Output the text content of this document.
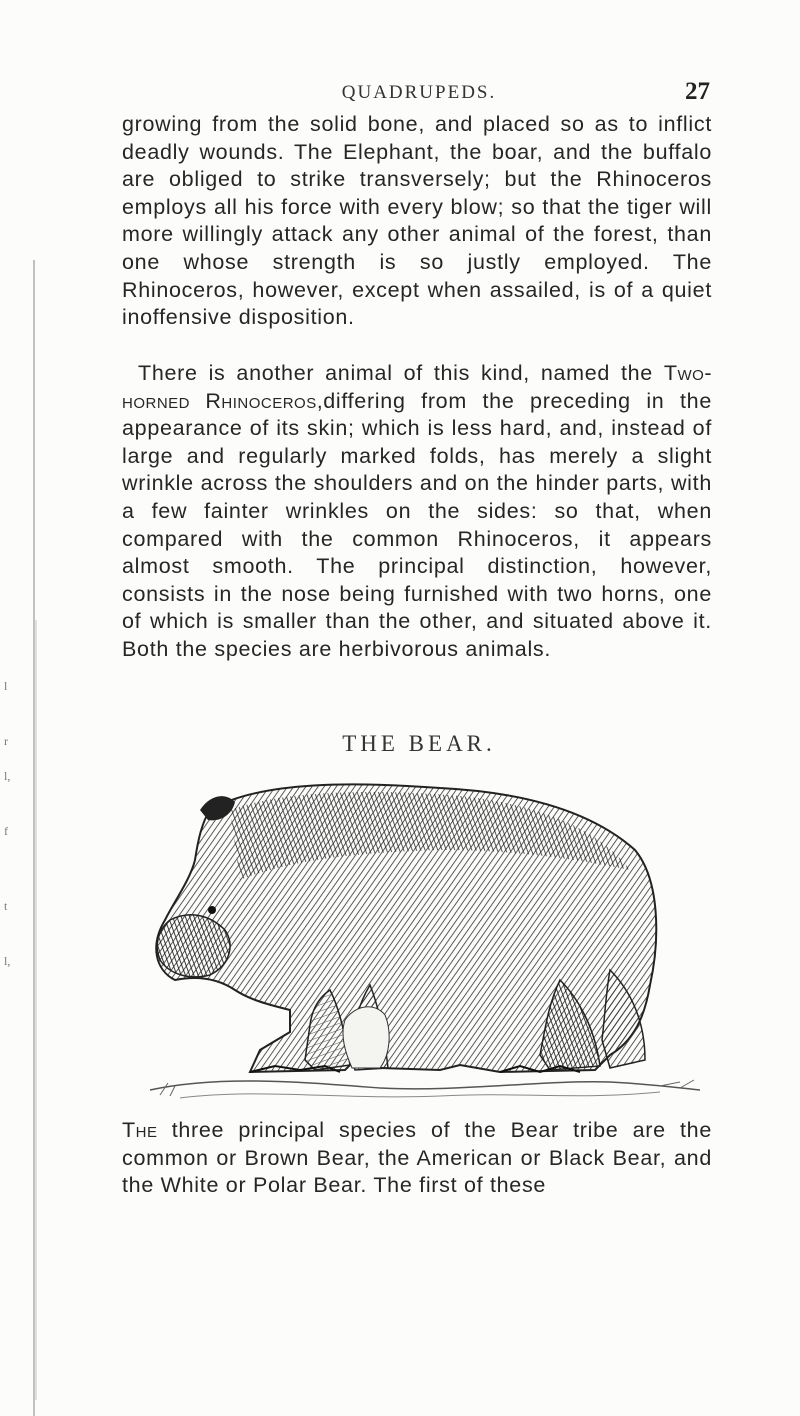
l
r
l,
f
t
l,
QUADRUPEDS.	27

growing from the solid bone, and placed so as to inflict deadly wounds. The Elephant, the boar, and the buffalo are obliged to strike transversely; but the Rhinoceros employs all his force with every blow; so that the tiger will more willingly attack any other animal of the forest, than one whose strength is so justly employed. The Rhinoceros, however, except when assailed, is of a quiet inoffensive disposition.

There is another animal of this kind, named the Two-horned Rhinoceros,differing from the preceding in the appearance of its skin; which is less hard, and, instead of large and regularly marked folds, has merely a slight wrinkle across the shoulders and on the hinder parts, with a few fainter wrinkles on the sides: so that, when compared with the common Rhinoceros, it appears almost smooth. The principal distinction, however, consists in the nose being furnished with two horns, one of which is smaller than the other, and situated above it. Both the species are herbivorous animals.

THE BEAR.

The three principal species of the Bear tribe are the common or Brown Bear, the American or Black Bear, and the White or Polar Bear. The first of these
